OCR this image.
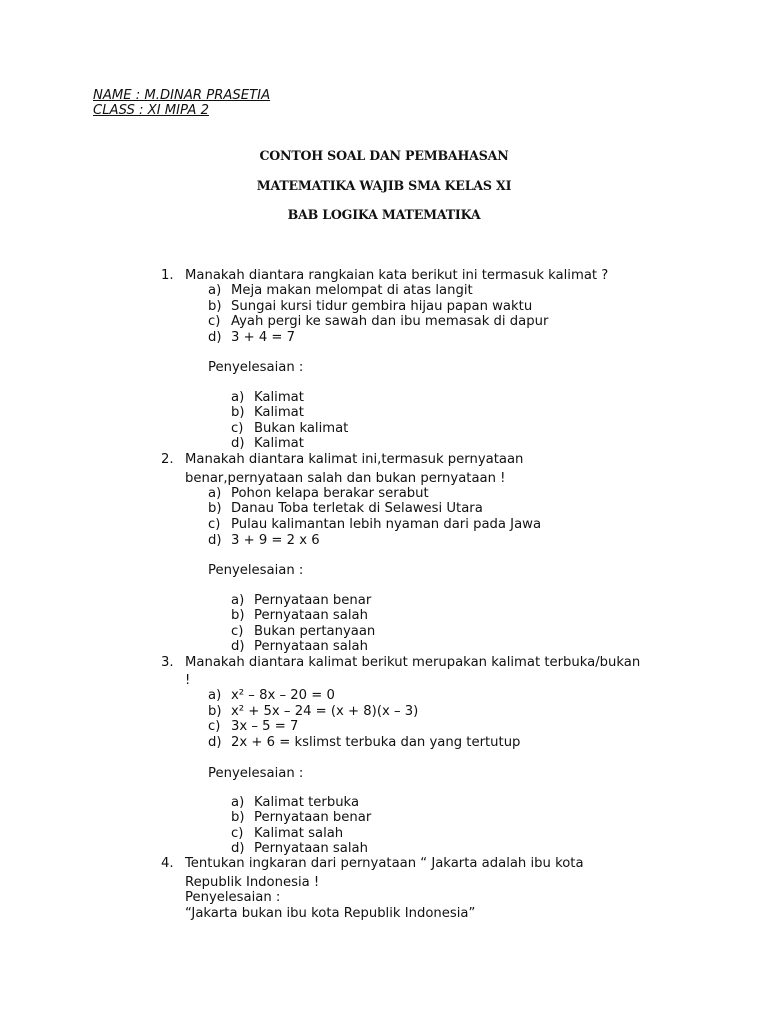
NAME : M.DINAR PRASETIA
CLASS : XI MIPA 2
CONTOH SOAL DAN PEMBAHASAN
MATEMATIKA WAJIB SMA KELAS XI
BAB LOGIKA MATEMATIKA
1. Manakah diantara rangkaian kata berikut ini termasuk kalimat ?
a) Meja makan melompat di atas langit
b) Sungai kursi tidur gembira hijau papan waktu
c) Ayah pergi ke sawah dan ibu memasak di dapur
d) 3 + 4 = 7
Penyelesaian :
a) Kalimat
b) Kalimat
c) Bukan kalimat
d) Kalimat
2. Manakah diantara kalimat ini,termasuk pernyataan
benar,pernyataan salah dan bukan pernyataan !
a) Pohon kelapa berakar serabut
b) Danau Toba terletak di Selawesi Utara
c) Pulau kalimantan lebih nyaman dari pada Jawa
d) 3 + 9 = 2 x 6
Penyelesaian :
a) Pernyataan benar
b) Pernyataan salah
c) Bukan pertanyaan
d) Pernyataan salah
3. Manakah diantara kalimat berikut merupakan kalimat terbuka/bukan
!
a) x² – 8x – 20 = 0
b) x² + 5x – 24 = (x + 8)(x – 3)
c) 3x – 5 = 7
d) 2x + 6 = kslimst terbuka dan yang tertutup
Penyelesaian :
a) Kalimat terbuka
b) Pernyataan benar
c) Kalimat salah
d) Pernyataan salah
4. Tentukan ingkaran dari pernyataan “ Jakarta adalah ibu kota
Republik Indonesia !
Penyelesaian :
“Jakarta bukan ibu kota Republik Indonesia”
